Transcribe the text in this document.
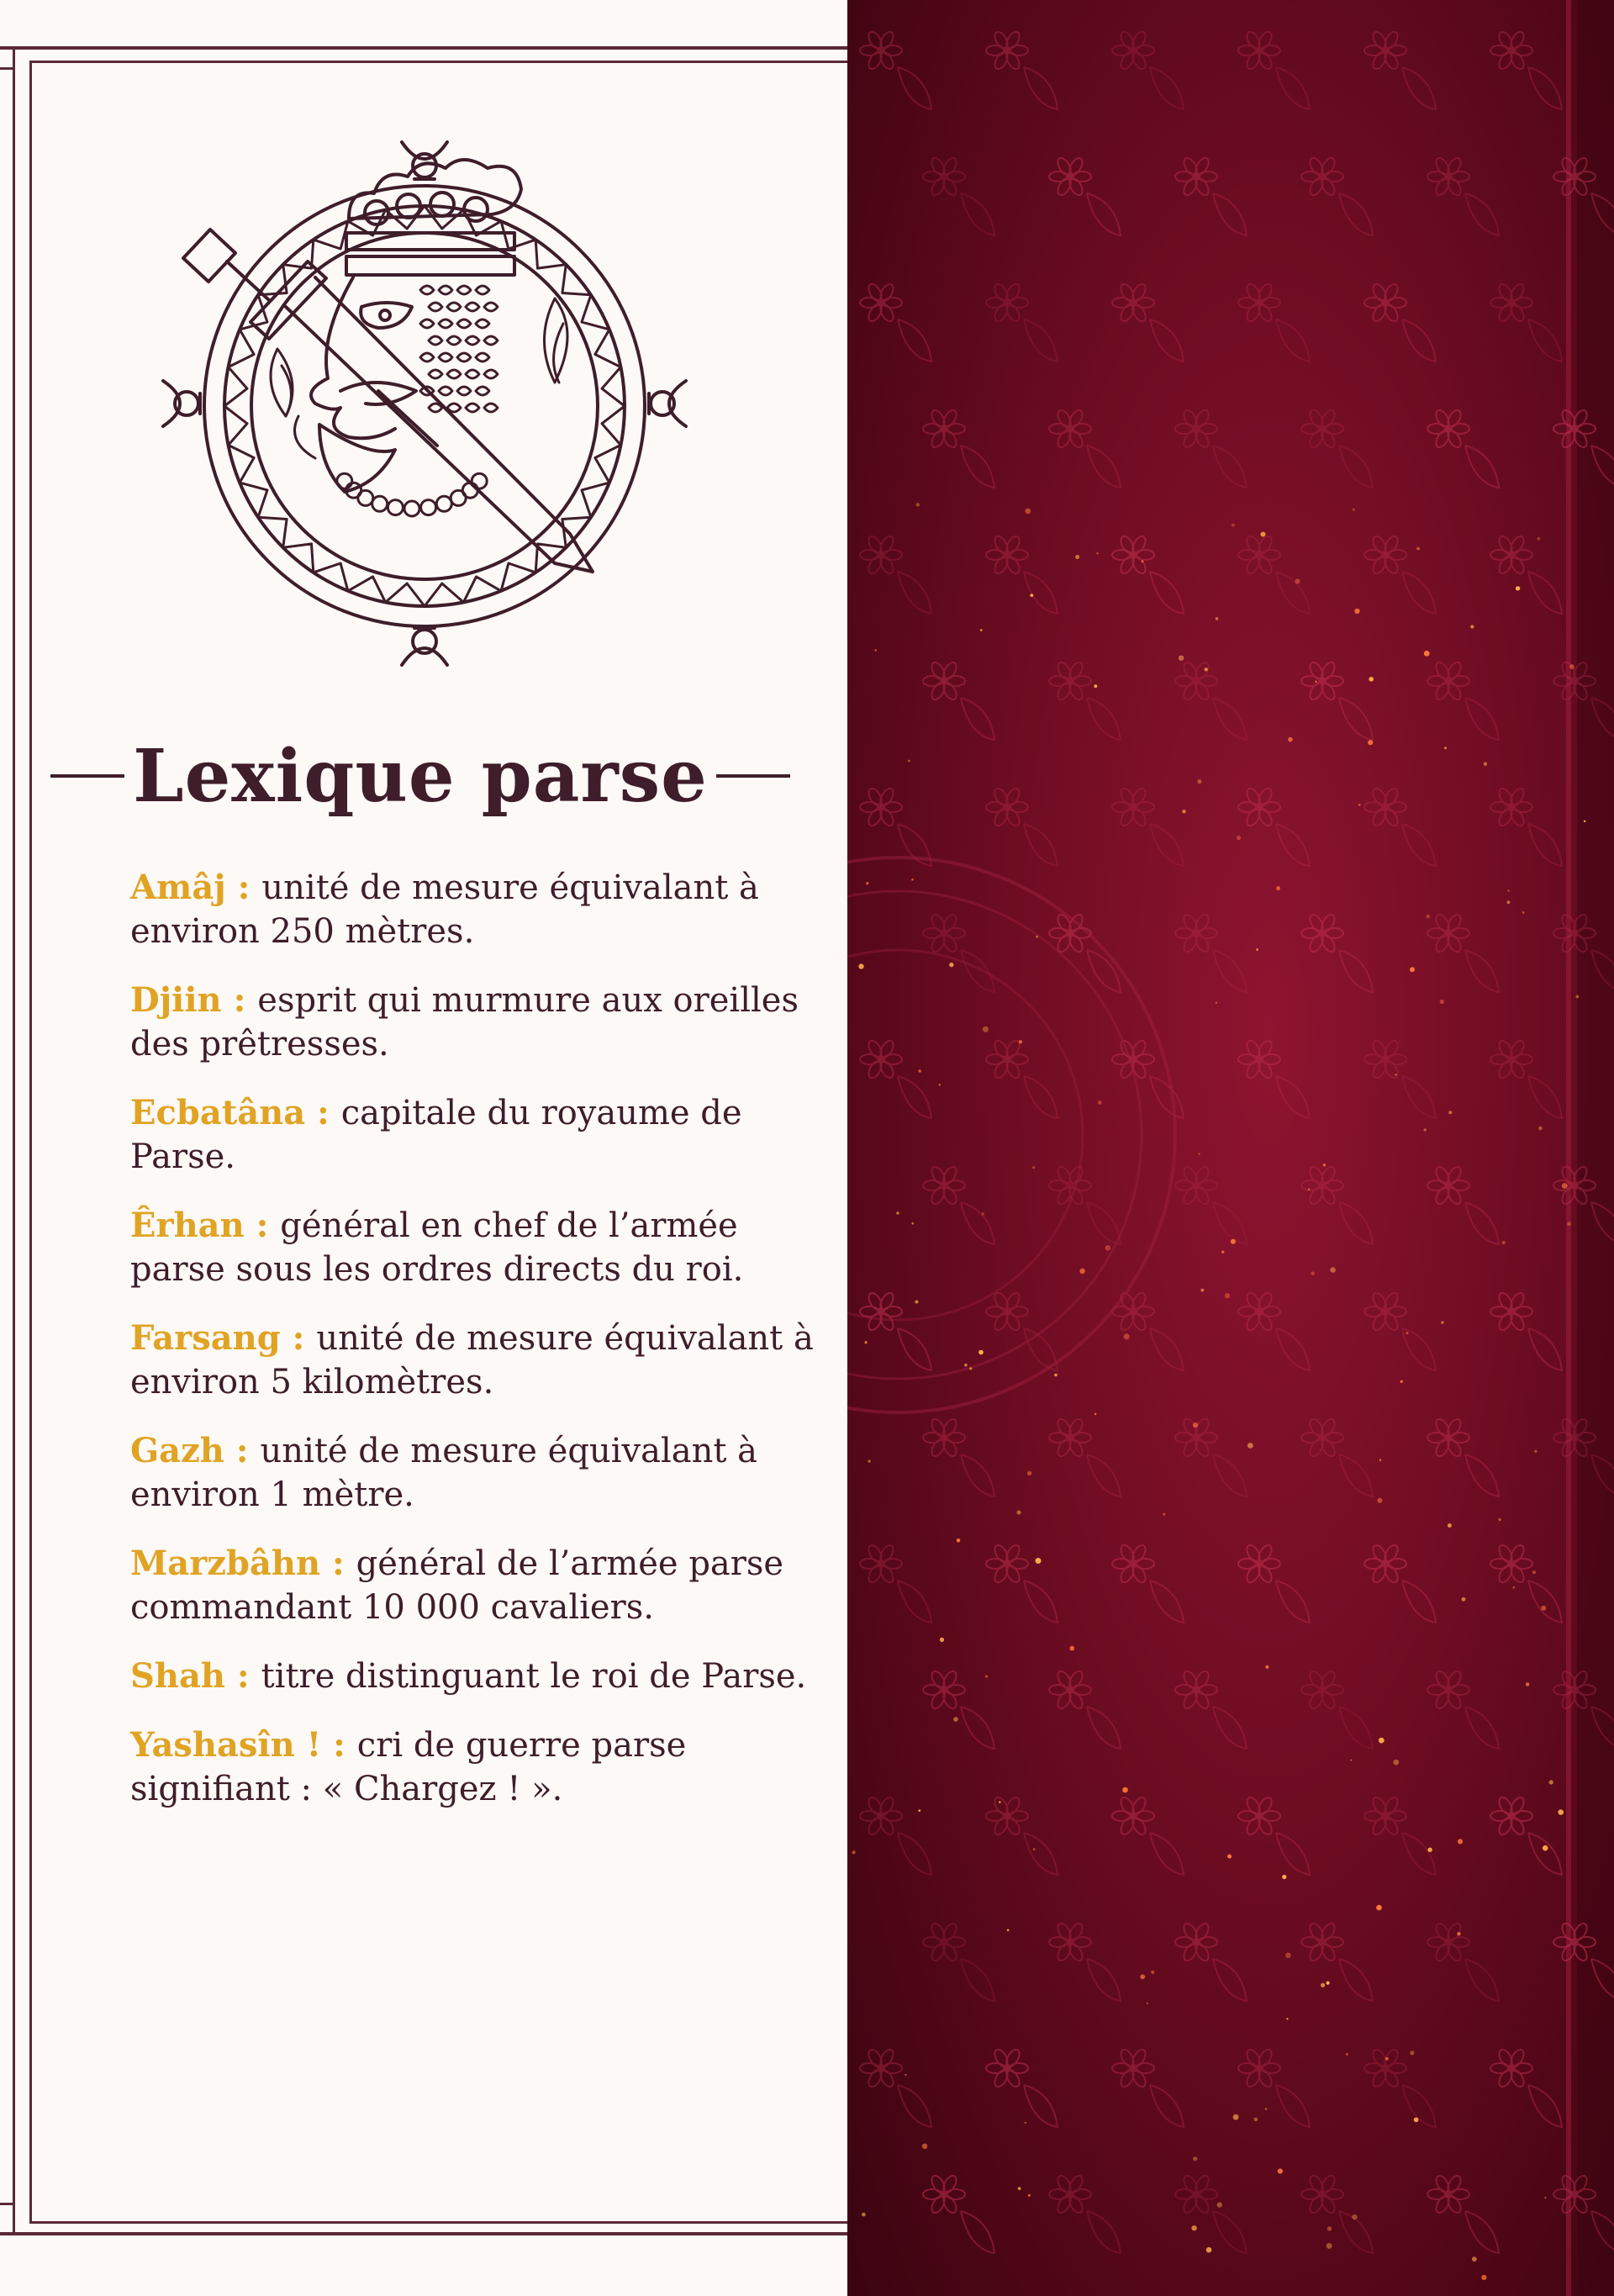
Lexique parse
Amâj : unité de mesure équivalant à environ 250 mètres.
Djiin : esprit qui murmure aux oreilles des prêtresses.
Ecbatâna : capitale du royaume de Parse.
Êrhan : général en chef de l’armée parse sous les ordres directs du roi.
Farsang : unité de mesure équivalant à environ 5 kilomètres.
Gazh : unité de mesure équivalant à environ 1 mètre.
Marzbâhn : général de l’armée parse commandant 10 000 cavaliers.
Shah : titre distinguant le roi de Parse.
Yashasîn ! : cri de guerre parse signifiant : « Chargez ! ».
